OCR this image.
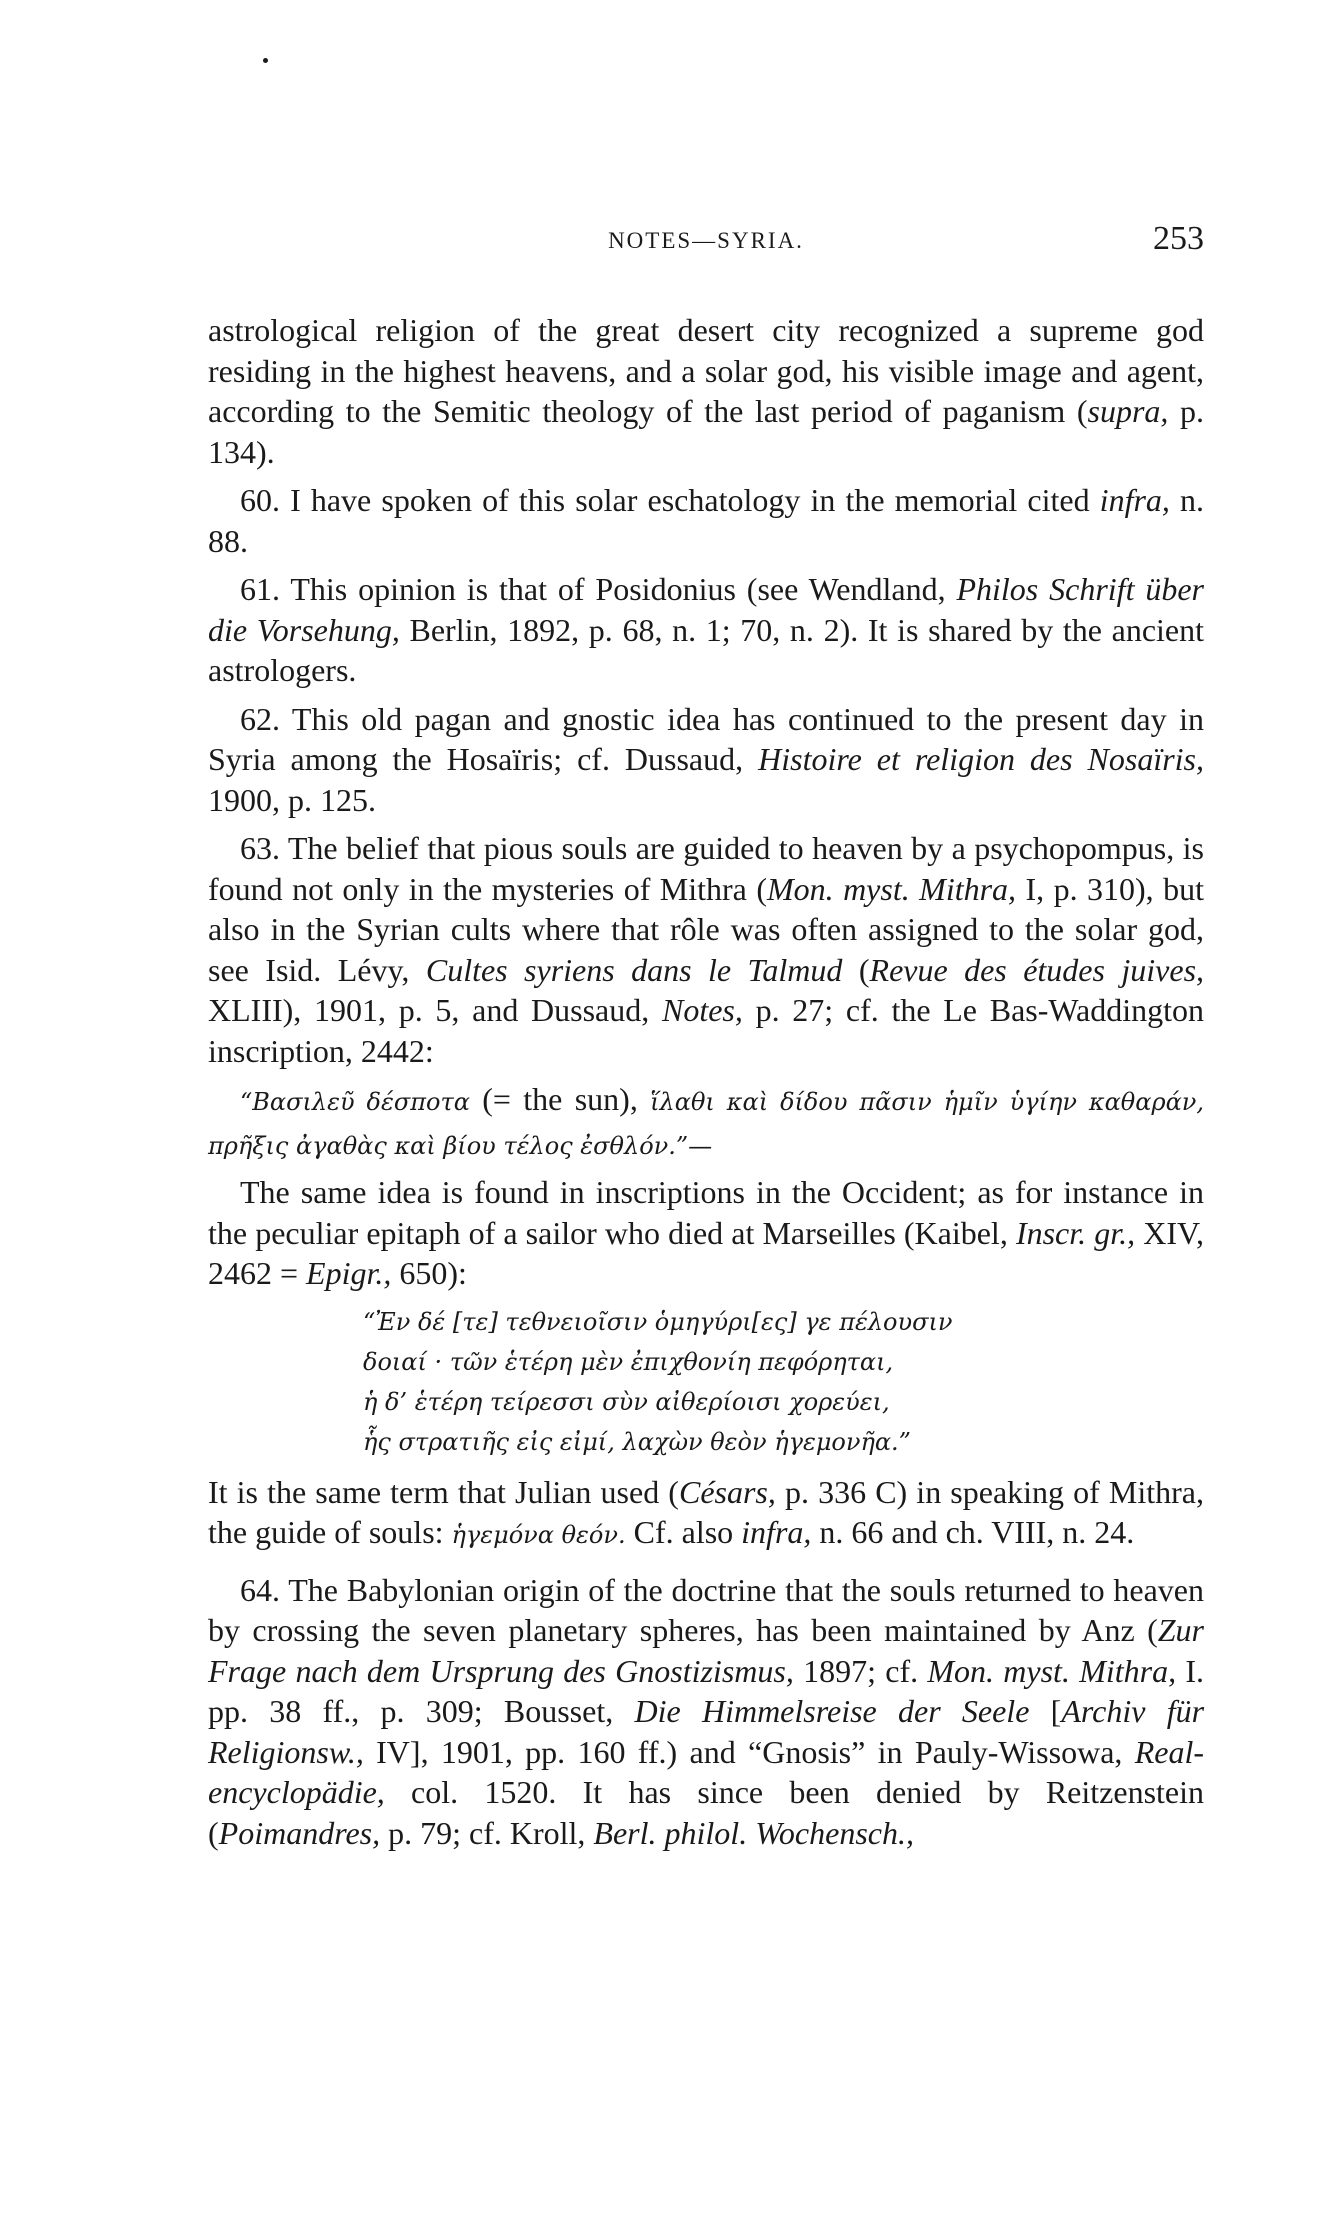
NOTES—SYRIA.	253

astrological religion of the great desert city recognized a supreme god residing in the highest heavens, and a solar god, his visible image and agent, according to the Semitic theology of the last period of paganism (supra, p. 134).

60. I have spoken of this solar eschatology in the memorial cited infra, n. 88.

61. This opinion is that of Posidonius (see Wendland, Philos Schrift über die Vorsehung, Berlin, 1892, p. 68, n. 1; 70, n. 2). It is shared by the ancient astrologers.

62. This old pagan and gnostic idea has continued to the present day in Syria among the Hosaïris; cf. Dussaud, Histoire et religion des Nosaïris, 1900, p. 125.

63. The belief that pious souls are guided to heaven by a psychopompus, is found not only in the mysteries of Mithra (Mon. myst. Mithra, I, p. 310), but also in the Syrian cults where that rôle was often assigned to the solar god, see Isid. Lévy, Cultes syriens dans le Talmud (Revue des études juives, XLIII), 1901, p. 5, and Dussaud, Notes, p. 27; cf. the Le Bas-Waddington inscription, 2442:

“Βασιλεῦ δέσποτα (= the sun), ἵλαθι καὶ δίδου πᾶσιν ἡμῖν ὑγίην καθαράν, πρῆξις ἀγαθὰς καὶ βίου τέλος ἐσθλόν.”—

The same idea is found in inscriptions in the Occident; as for instance in the peculiar epitaph of a sailor who died at Marseilles (Kaibel, Inscr. gr., XIV, 2462 = Epigr., 650):

“Ἐν δέ [τε] τεθνειοῖσιν ὁμηγύρι[ες] γε πέλουσιν
δοιαί · τῶν ἑτέρη μὲν ἐπιχθονίη πεφόρηται,
ἡ δ’ ἑτέρη τείρεσσι σὺν αἰθερίοισι χορεύει,
ἧς στρατιῆς εἰς εἰμί, λαχὼν θεὸν ἡγεμονῆα.”

It is the same term that Julian used (Césars, p. 336 C) in speaking of Mithra, the guide of souls: ἡγεμόνα θεόν. Cf. also infra, n. 66 and ch. VIII, n. 24.

64. The Babylonian origin of the doctrine that the souls returned to heaven by crossing the seven planetary spheres, has been maintained by Anz (Zur Frage nach dem Ursprung des Gnostizismus, 1897; cf. Mon. myst. Mithra, I. pp. 38 ff., p. 309; Bousset, Die Himmelsreise der Seele [Archiv für Religionsw., IV], 1901, pp. 160 ff.) and “Gnosis” in Pauly-Wissowa, Real-encyclopädie, col. 1520. It has since been denied by Reitzenstein (Poimandres, p. 79; cf. Kroll, Berl. philol. Wochensch.,
